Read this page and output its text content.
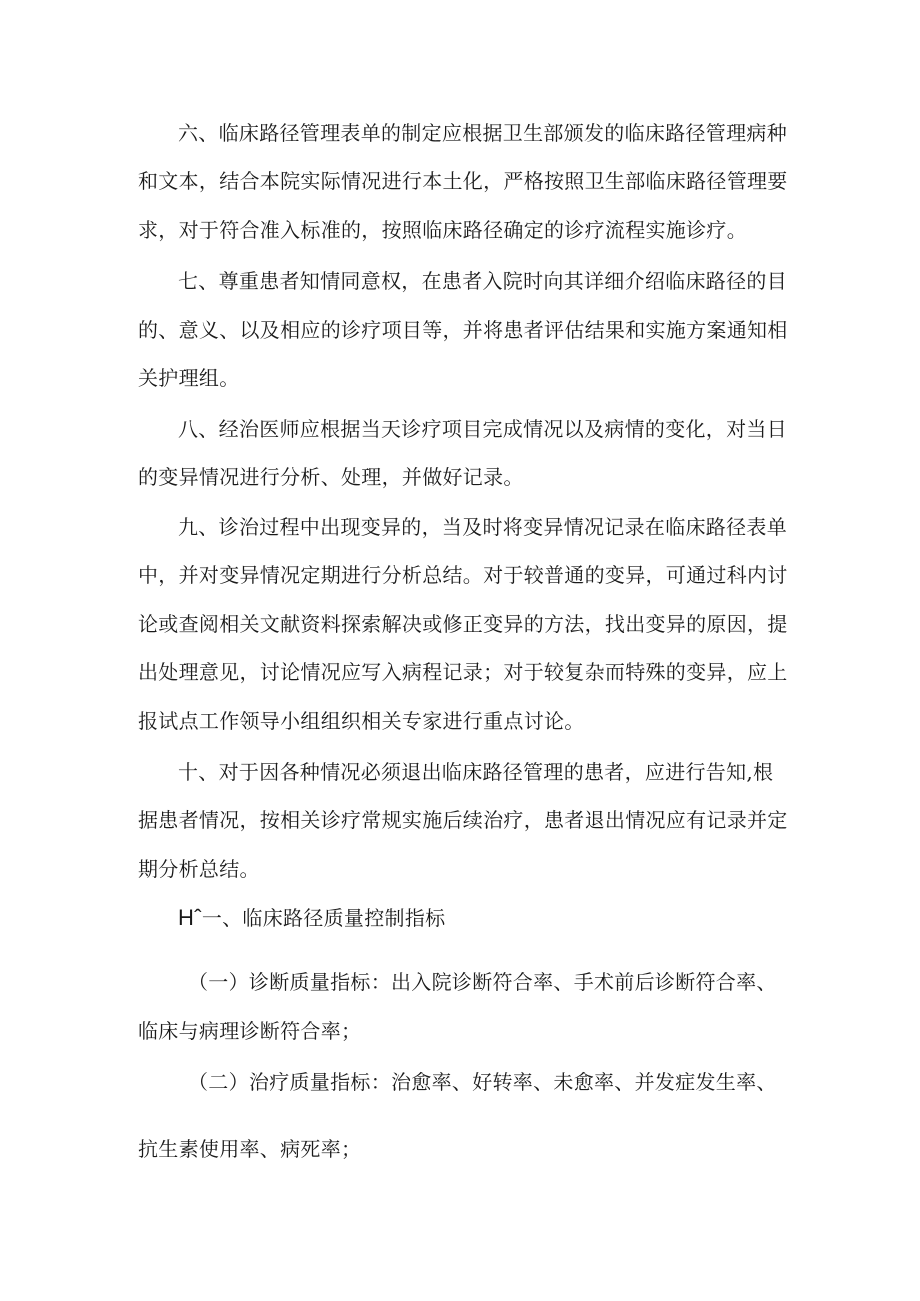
六、临床路径管理表单的制定应根据卫生部颁发的临床路径管理病种
和文本，结合本院实际情况进行本土化，严格按照卫生部临床路径管理要
求，对于符合准入标准的，按照临床路径确定的诊疗流程实施诊疗。
七、尊重患者知情同意权，在患者入院时向其详细介绍临床路径的目
的、意义、以及相应的诊疗项目等，并将患者评估结果和实施方案通知相
关护理组。
八、经治医师应根据当天诊疗项目完成情况以及病情的变化，对当日
的变异情况进行分析、处理，并做好记录。
九、诊治过程中出现变异的，当及时将变异情况记录在临床路径表单
中，并对变异情况定期进行分析总结。对于较普通的变异，可通过科内讨
论或查阅相关文献资料探索解决或修正变异的方法，找出变异的原因，提
出处理意见，讨论情况应写入病程记录；对于较复杂而特殊的变异，应上
报试点工作领导小组组织相关专家进行重点讨论。
十、对于因各种情况必须退出临床路径管理的患者，应进行告知,根
据患者情况，按相关诊疗常规实施后续治疗，患者退出情况应有记录并定
期分析总结。
Hˆ一、临床路径质量控制指标
（一）诊断质量指标：出入院诊断符合率、手术前后诊断符合率、
临床与病理诊断符合率；
（二）治疗质量指标：治愈率、好转率、未愈率、并发症发生率、
抗生素使用率、病死率；
